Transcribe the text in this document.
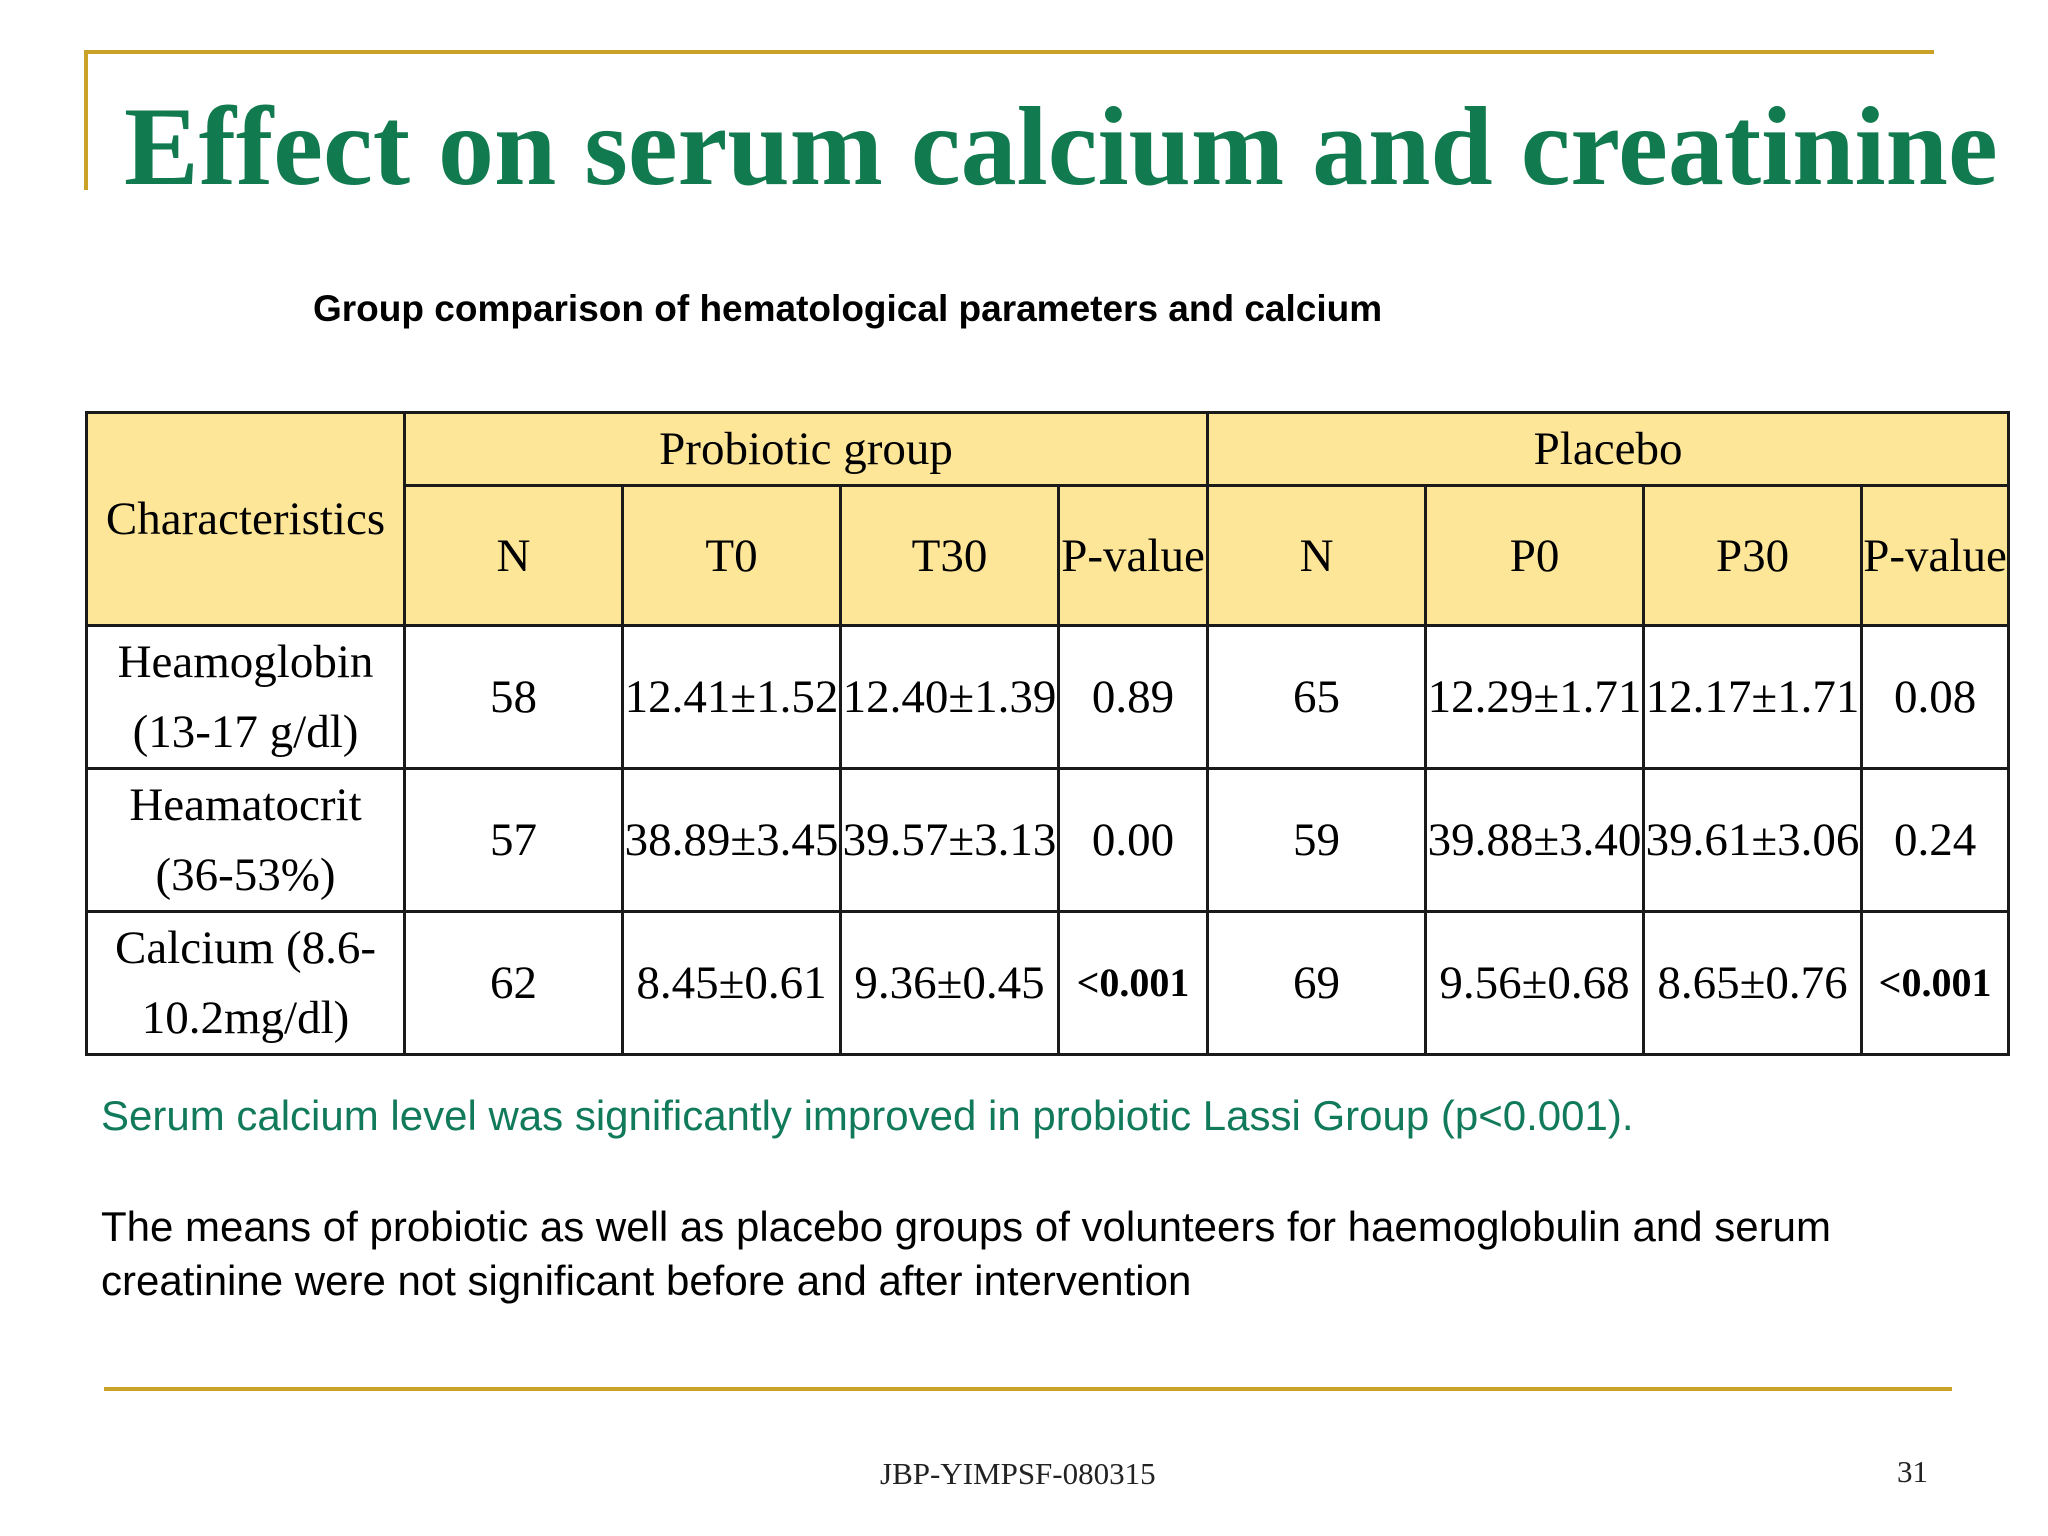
Effect on serum calcium and creatinine
Group comparison of hematological parameters and calcium
Characteristics	Probiotic group				Placebo			
	N	T0	T30	P-value	N	P0	P30	P-value
Heamoglobin (13-17 g/dl)	58	12.41±1.52	12.40±1.39	0.89	65	12.29±1.71	12.17±1.71	0.08
Heamatocrit (36-53%)	57	38.89±3.45	39.57±3.13	0.00	59	39.88±3.40	39.61±3.06	0.24
Calcium (8.6-10.2mg/dl)	62	8.45±0.61	9.36±0.45	<0.001	69	9.56±0.68	8.65±0.76	<0.001
Serum calcium level was significantly improved in probiotic Lassi Group (p<0.001).
The means of probiotic as well as placebo groups of volunteers for haemoglobulin and serum creatinine were not significant before and after intervention
JBP-YIMPSF-080315	31
